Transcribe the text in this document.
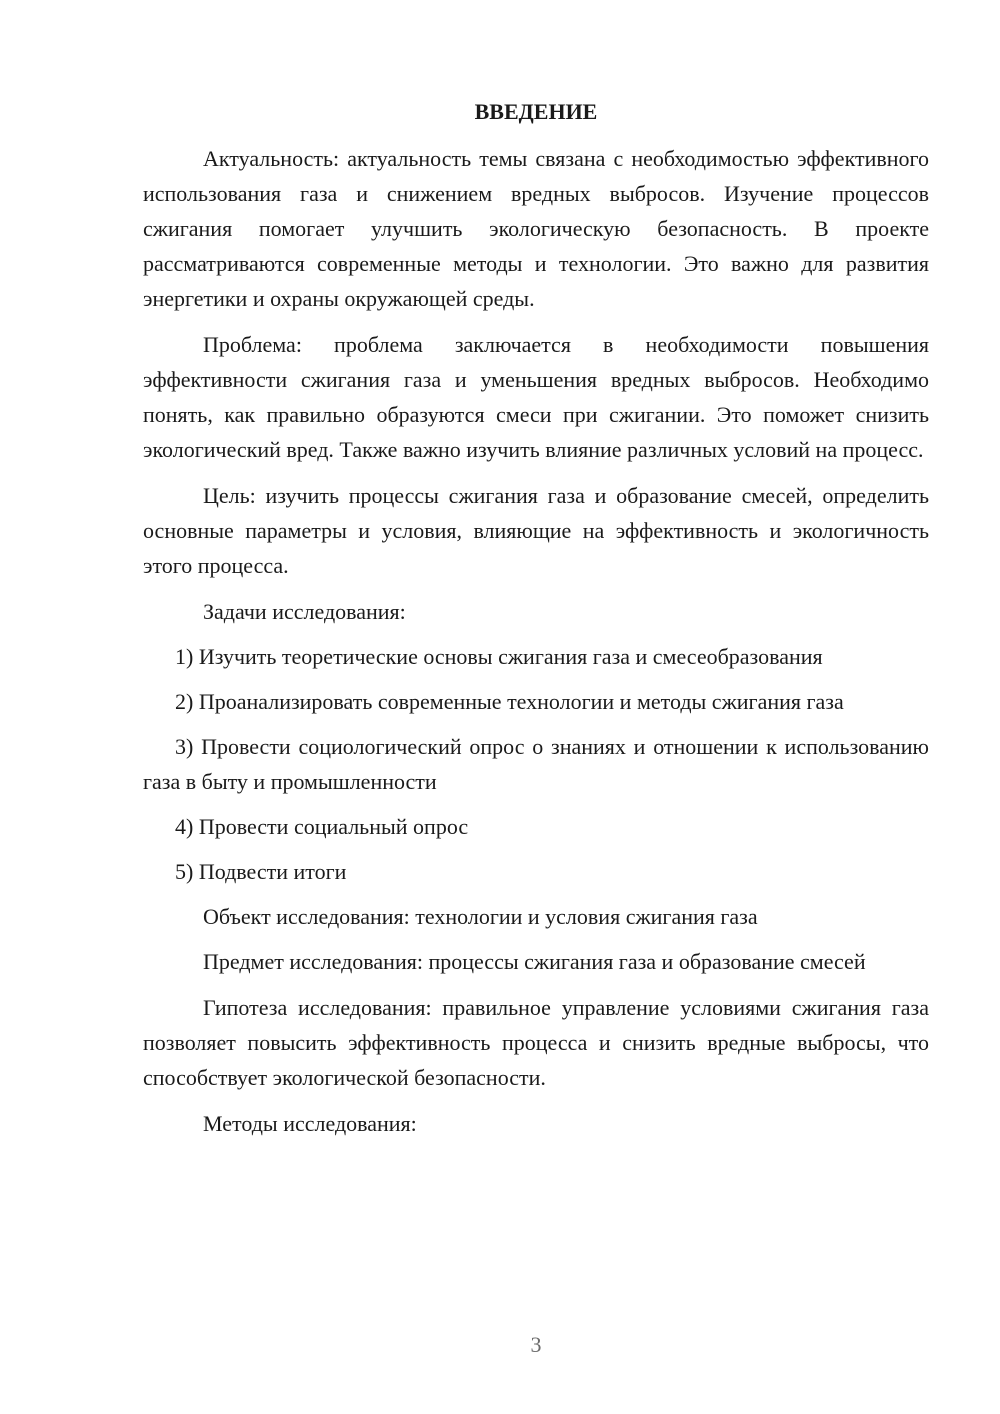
ВВЕДЕНИЕ

Актуальность: актуальность темы связана с необходимостью эффективного использования газа и снижением вредных выбросов. Изучение процессов сжигания помогает улучшить экологическую безопасность. В проекте рассматриваются современные методы и технологии. Это важно для развития энергетики и охраны окружающей среды.

Проблема: проблема заключается в необходимости повышения эффективности сжигания газа и уменьшения вредных выбросов. Необходимо понять, как правильно образуются смеси при сжигании. Это поможет снизить экологический вред. Также важно изучить влияние различных условий на процесс.

Цель: изучить процессы сжигания газа и образование смесей, определить основные параметры и условия, влияющие на эффективность и экологичность этого процесса.

Задачи исследования:

1) Изучить теоретические основы сжигания газа и смесеобразования

2) Проанализировать современные технологии и методы сжигания газа

3) Провести социологический опрос о знаниях и отношении к использованию газа в быту и промышленности

4) Провести социальный опрос

5) Подвести итоги

Объект исследования: технологии и условия сжигания газа

Предмет исследования: процессы сжигания газа и образование смесей

Гипотеза исследования: правильное управление условиями сжигания газа позволяет повысить эффективность процесса и снизить вредные выбросы, что способствует экологической безопасности.

Методы исследования:

3
